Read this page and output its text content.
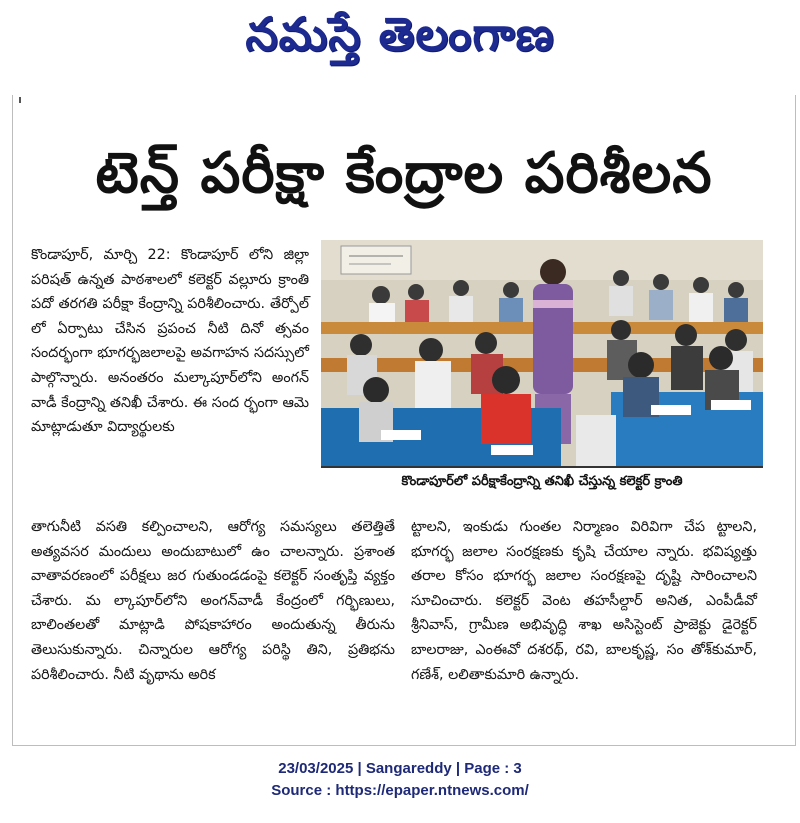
నమస్తే తెలంగాణ
టెన్త్ పరీక్షా కేంద్రాల పరిశీలన

కొండాపూర్, మార్చి 22: కొండాపూర్ లోని జిల్లా పరిషత్ ఉన్నత పాఠశాలలో కలెక్టర్ వల్లూరు క్రాంతి పదో తరగతి పరీక్షా కేంద్రాన్ని పరిశీలించారు. తేర్పోల్ లో ఏర్పాటు చేసిన ప్రపంచ నీటి దినో త్సవం సందర్భంగా భూగర్భజలాలపై అవగాహన సదస్సులో పాల్గొన్నారు. అనంతరం మల్కాపూర్‌లోని అంగన్ వాడీ కేంద్రాన్ని తనిఖీ చేశారు. ఈ సంద ర్భంగా ఆమె మాట్లాడుతూ విద్యార్థులకు

కొండాపూర్‌లో పరీక్షాకేంద్రాన్ని తనిఖీ చేస్తున్న కలెక్టర్ క్రాంతి

తాగునీటి వసతి కల్పించాలని, ఆరోగ్య సమస్యలు తలెత్తితే అత్యవసర మందులు అందుబాటులో ఉం చాలన్నారు. ప్రశాంత వాతావరణంలో పరీక్షలు జర గుతుండడంపై కలెక్టర్ సంతృప్తి వ్యక్తం చేశారు. మ ల్కాపూర్‌లోని అంగన్‌వాడీ కేంద్రంలో గర్భిణులు, బాలింతలతో మాట్లాడి పోషకాహారం అందుతున్న తీరును తెలుసుకున్నారు. చిన్నారుల ఆరోగ్య పరిస్థి తిని, ప్రతిభను పరిశీలించారు. నీటి వృథాను అరిక

ట్టాలని, ఇంకుడు గుంతల నిర్మాణం విరివిగా చేప ట్టాలని, భూగర్భ జలాల సంరక్షణకు కృషి చేయాల న్నారు. భవిష్యత్తు తరాల కోసం భూగర్భ జలాల సంరక్షణపై దృష్టి సారించాలని సూచించారు. కలెక్టర్ వెంట తహసీల్దార్ అనిత, ఎంపీడీవో శ్రీనివాస్, గ్రామీణ అభివృద్ధి శాఖ అసిస్టెంట్ ప్రాజెక్టు డైరెక్టర్ బాలరాజు, ఎంఈవో దశరథ్, రవి, బాలకృష్ణ, సం తోశ్‌కుమార్, గణేశ్, లలితాకుమారి ఉన్నారు.

23/03/2025 | Sangareddy | Page : 3
Source : https://epaper.ntnews.com/
